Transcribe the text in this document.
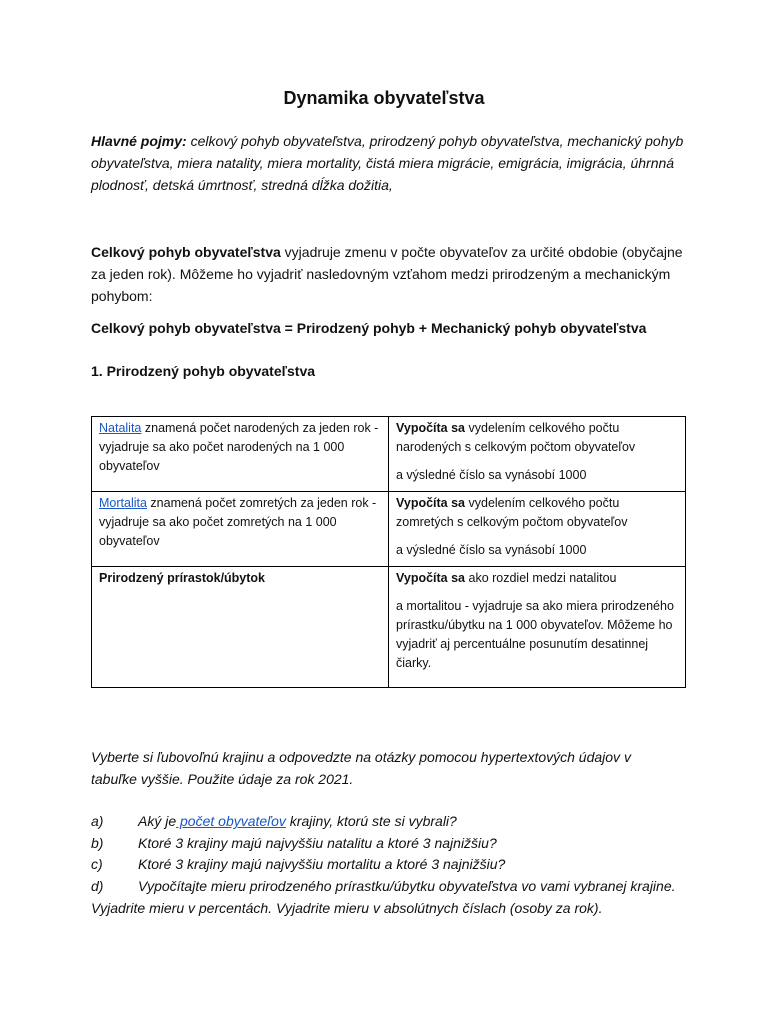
Dynamika obyvateľstva
Hlavné pojmy: celkový pohyb obyvateľstva, prirodzený pohyb obyvateľstva, mechanický pohyb obyvateľstva, miera natality, miera mortality, čistá miera migrácie, emigrácia, imigrácia, úhrnná plodnosť, detská úmrtnosť, stredná dĺžka dožitia,
Celkový pohyb obyvateľstva vyjadruje zmenu v počte obyvateľov za určité obdobie (obyčajne za jeden rok). Môžeme ho vyjadriť nasledovným vzťahom medzi prirodzeným a mechanickým pohybom:
Celkový pohyb obyvateľstva = Prirodzený pohyb + Mechanický pohyb obyvateľstva
1. Prirodzený pohyb obyvateľstva
Natalita znamená počet narodených za jeden rok - vyjadruje sa ako počet narodených na 1 000 obyvateľov	Vypočíta sa vydelením celkového počtu narodených s celkovým počtom obyvateľov

a výsledné číslo sa vynásobí 1000

Mortalita znamená počet zomretých za jeden rok - vyjadruje sa ako počet zomretých na 1 000 obyvateľov	Vypočíta sa vydelením celkového počtu zomretých s celkovým počtom obyvateľov

a výsledné číslo sa vynásobí 1000

Prirodzený prírastok/úbytok	Vypočíta sa ako rozdiel medzi natalitou

a mortalitou - vyjadruje sa ako miera prirodzeného prírastku/úbytku na 1 000 obyvateľov. Môžeme ho vyjadriť aj percentuálne posunutím desatinnej čiarky.

Vyberte si ľubovoľnú krajinu a odpovedzte na otázky pomocou hypertextových údajov v tabuľke vyššie. Použite údaje za rok 2021.
a) Aký je počet obyvateľov krajiny, ktorú ste si vybrali?
b) Ktoré 3 krajiny majú najvyššiu natalitu a ktoré 3 najnižšiu?
c)	Ktoré 3 krajiny majú najvyššiu mortalitu a ktoré 3 najnižšiu?
d) Vypočítajte mieru prirodzeného prírastku/úbytku obyvateľstva vo vami vybranej krajine. Vyjadrite mieru v percentách. Vyjadrite mieru v absolútnych číslach (osoby za rok).
